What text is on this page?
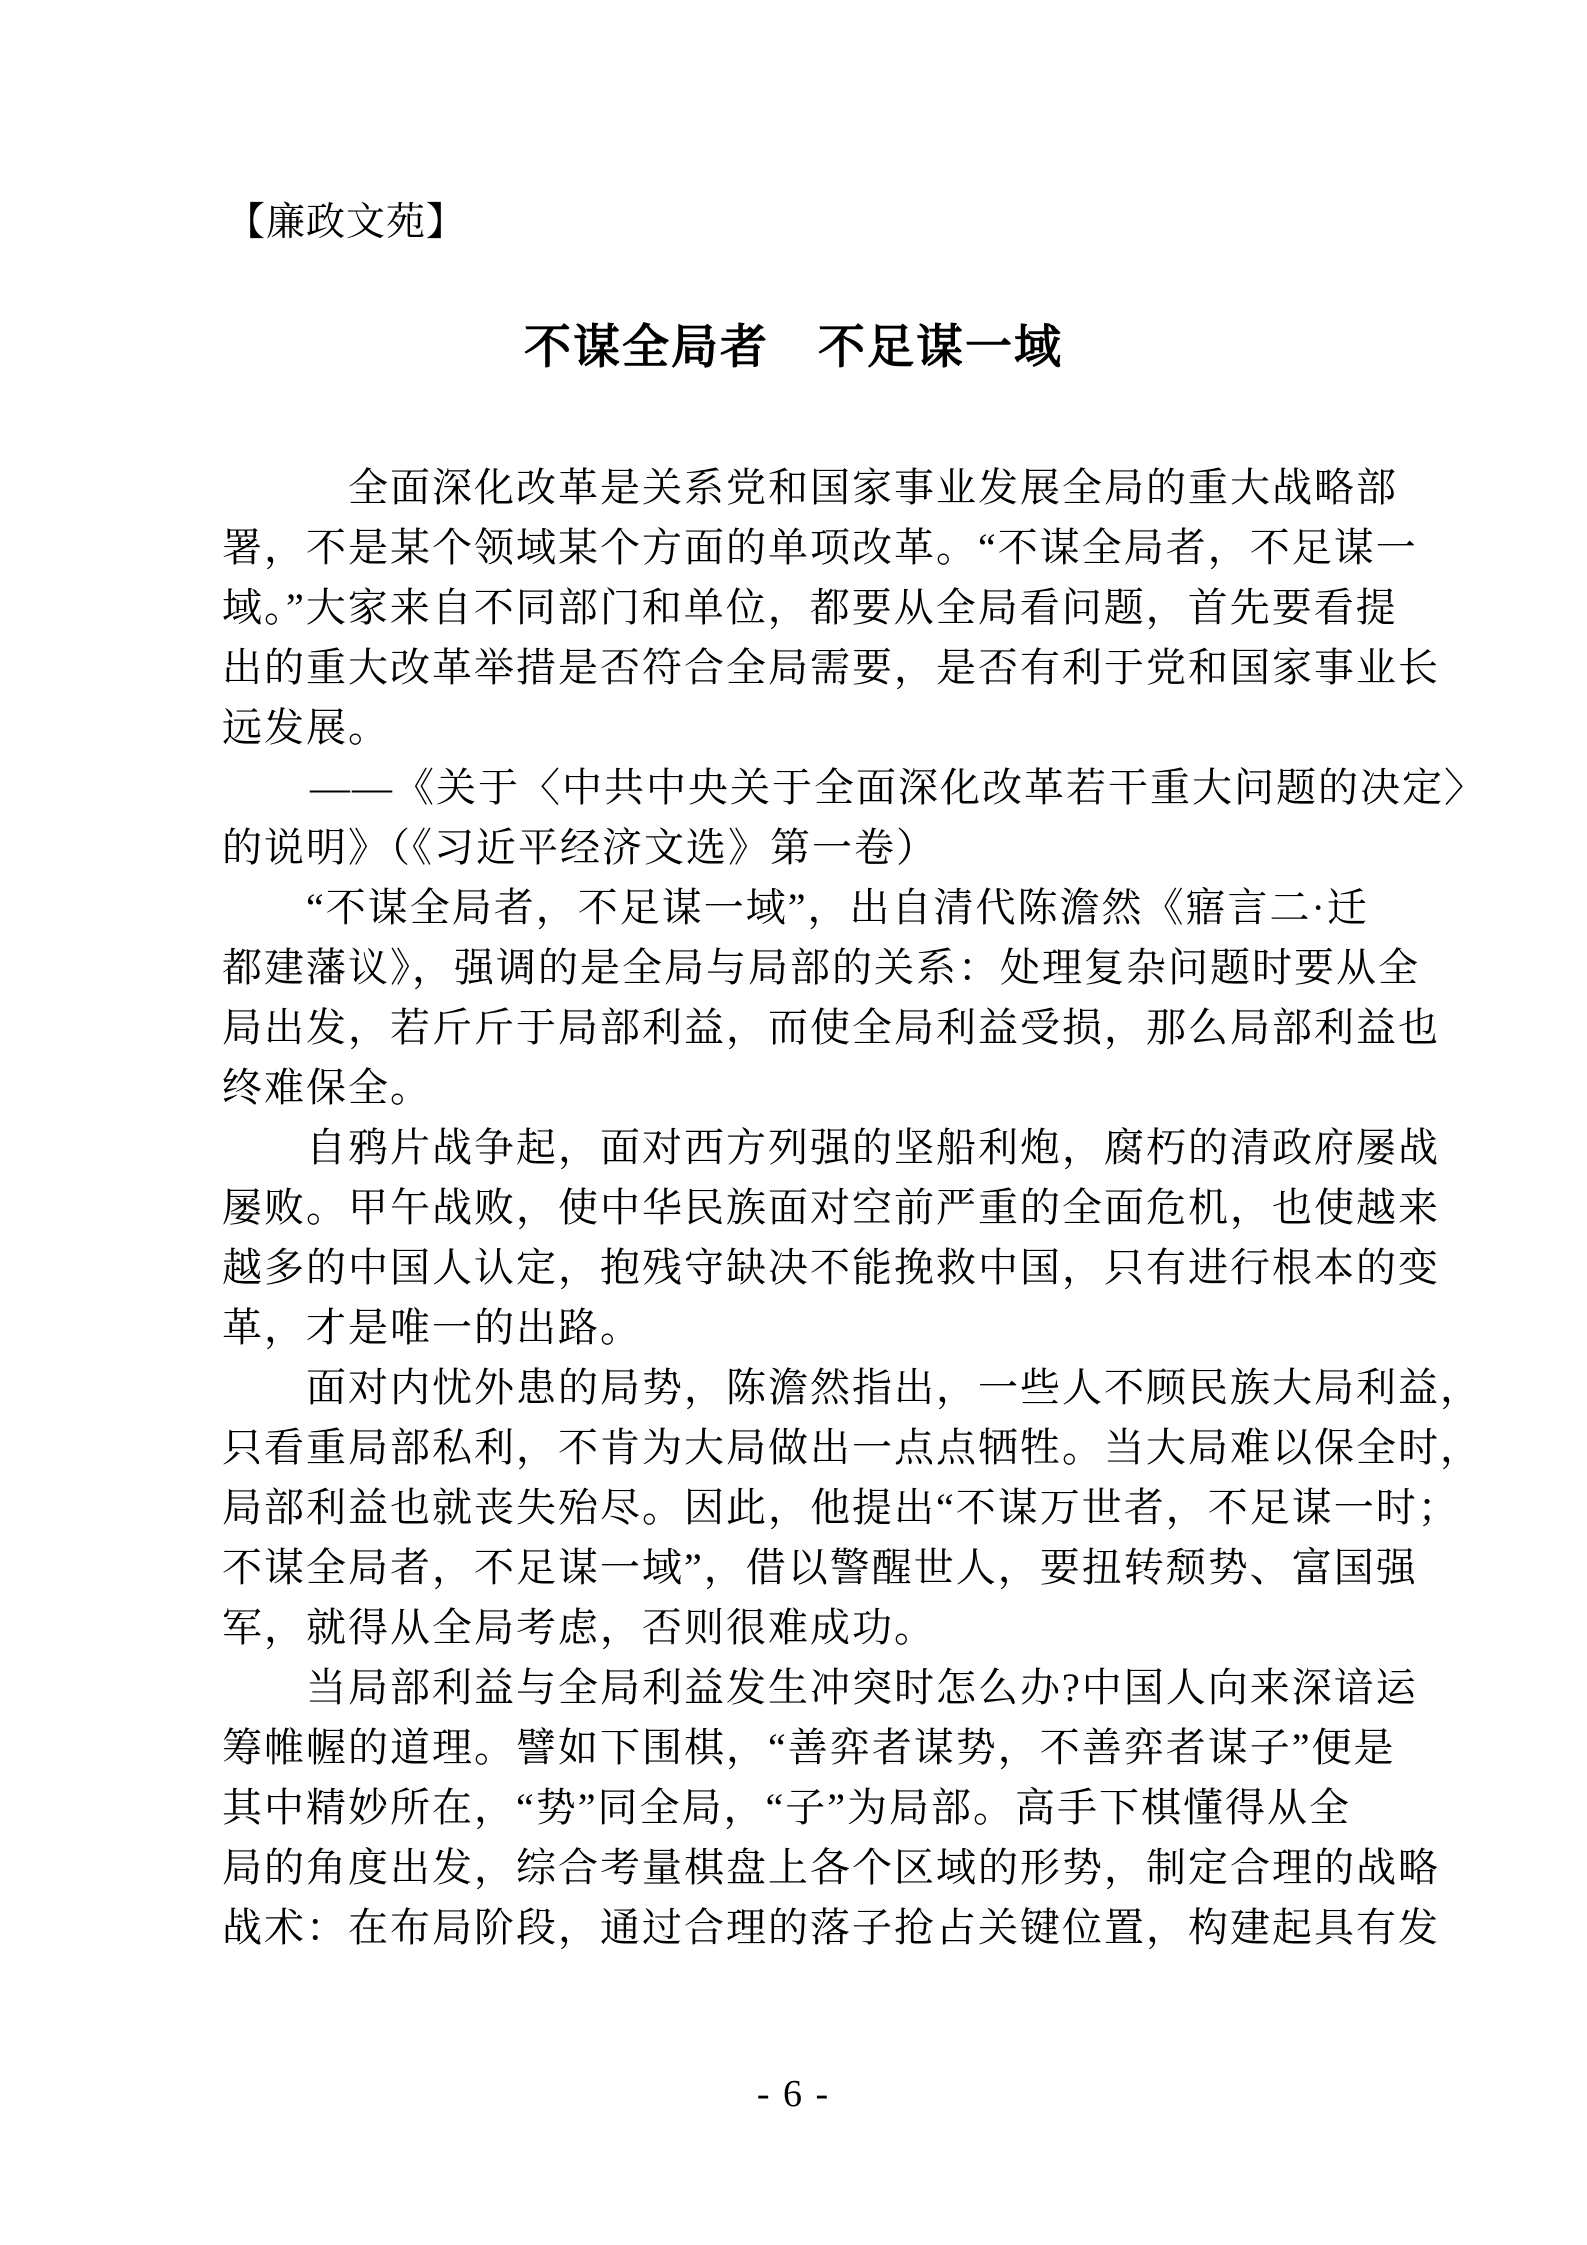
【廉政文苑】
不谋全局者　不足谋一域
全面深化改革是关系党和国家事业发展全局的重大战略部
署，不是某个领域某个方面的单项改革。“不谋全局者，不足谋一
域。”大家来自不同部门和单位，都要从全局看问题，首先要看提
出的重大改革举措是否符合全局需要，是否有利于党和国家事业长
远发展。
——《关于〈中共中央关于全面深化改革若干重大问题的决定〉
的说明》（《习近平经济文选》第一卷）
“不谋全局者，不足谋一域”，出自清代陈澹然《寤言二·迁
都建藩议》，强调的是全局与局部的关系：处理复杂问题时要从全
局出发，若斤斤于局部利益，而使全局利益受损，那么局部利益也
终难保全。
自鸦片战争起，面对西方列强的坚船利炮，腐朽的清政府屡战
屡败。甲午战败，使中华民族面对空前严重的全面危机，也使越来
越多的中国人认定，抱残守缺决不能挽救中国，只有进行根本的变
革，才是唯一的出路。
面对内忧外患的局势，陈澹然指出，一些人不顾民族大局利益，
只看重局部私利，不肯为大局做出一点点牺牲。当大局难以保全时，
局部利益也就丧失殆尽。因此，他提出“不谋万世者，不足谋一时；
不谋全局者，不足谋一域”，借以警醒世人，要扭转颓势、富国强
军，就得从全局考虑，否则很难成功。
当局部利益与全局利益发生冲突时怎么办?中国人向来深谙运
筹帷幄的道理。譬如下围棋，“善弈者谋势，不善弈者谋子”便是
其中精妙所在，“势”同全局，“子”为局部。高手下棋懂得从全
局的角度出发，综合考量棋盘上各个区域的形势，制定合理的战略
战术：在布局阶段，通过合理的落子抢占关键位置，构建起具有发
- 6 -
